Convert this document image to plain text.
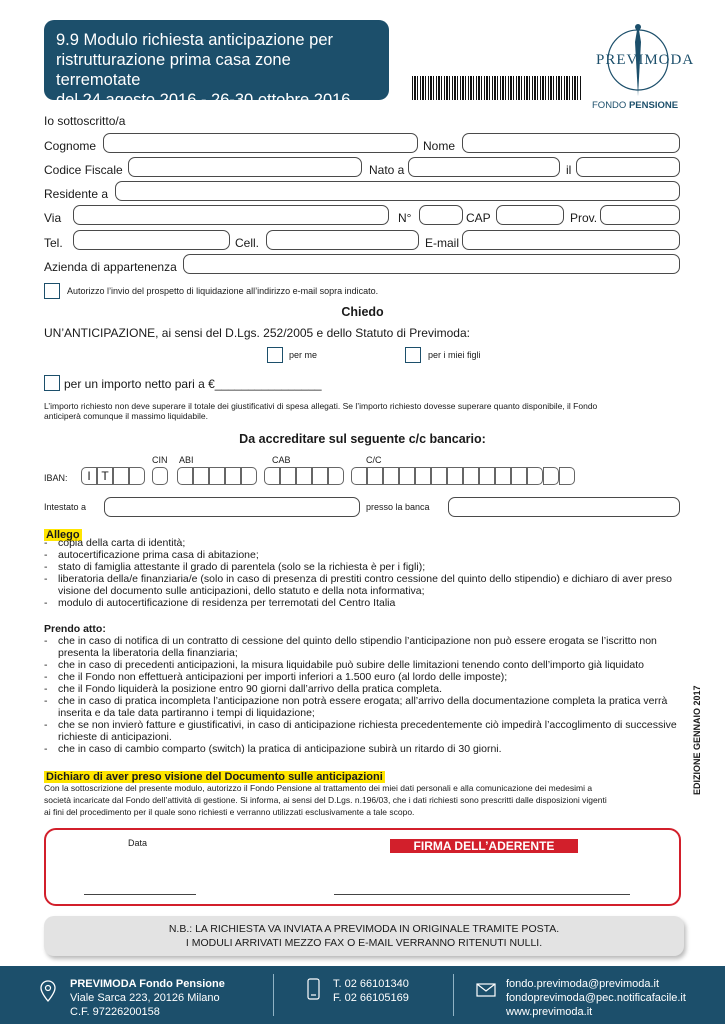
9.9 Modulo richiesta anticipazione per
ristrutturazione prima casa zone terremotate
del 24 agosto 2016 - 26-30 ottobre 2016
PREVIMODA
FONDO PENSIONE
Io sottoscritto/a
Cognome	Nome
Codice Fiscale	Nato a	il
Residente a
Via	N°	CAP	Prov.
Tel.	Cell.	E-mail
Azienda di appartenenza
Autorizzo l’invio del prospetto di liquidazione all’indirizzo e-mail sopra indicato.
Chiedo
UN’ANTICIPAZIONE, ai sensi del D.Lgs. 252/2005 e dello Statuto di Previmoda:
per me	per i miei figli
per un importo netto pari a €________________
L’importo richiesto non deve superare il totale dei giustificativi di spesa allegati. Se l’importo richiesto dovesse superare quanto disponibile, il Fondo
anticiperà comunque il massimo liquidabile.
Da accreditare sul seguente c/c bancario:
CIN ABI	CAB	C/C
IBAN:	I T
Intestato a	presso la banca
Allego
- copia della carta di identità;
- autocertificazione prima casa di abitazione;
- stato di famiglia attestante il grado di parentela (solo se la richiesta è per i figli);
- liberatoria della/e finanziaria/e (solo in caso di presenza di prestiti contro cessione del quinto dello stipendio) e dichiaro di aver preso visione del documento sulle anticipazioni, dello statuto e della nota informativa;
- modulo di autocertificazione di residenza per terremotati del Centro Italia
Prendo atto:
- che in caso di notifica di un contratto di cessione del quinto dello stipendio l’anticipazione non può essere erogata se l’iscritto non presenta la liberatoria della finanziaria;
- che in caso di precedenti anticipazioni, la misura liquidabile può subire delle limitazioni tenendo conto dell’importo già liquidato
- che il Fondo non effettuerà anticipazioni per importi inferiori a 1.500 euro (al lordo delle imposte);
- che il Fondo liquiderà la posizione entro 90 giorni dall’arrivo della pratica completa.
- che in caso di pratica incompleta l’anticipazione non potrà essere erogata; all’arrivo della documentazione completa la pratica verrà inserita e da tale data partiranno i tempi di liquidazione;
- che se non invierò fatture e giustificativi, in caso di anticipazione richiesta precedentemente ciò impedirà l’accoglimento di successive richieste di anticipazioni.
- che in caso di cambio comparto (switch) la pratica di anticipazione subirà un ritardo di 30 giorni.
Dichiaro di aver preso visione del Documento sulle anticipazioni
Con la sottoscrizione del presente modulo, autorizzo il Fondo Pensione al trattamento dei miei dati personali e alla comunicazione dei medesimi a
società incaricate dal Fondo dell’attività di gestione. Si informa, ai sensi del D.Lgs. n.196/03, che i dati richiesti sono prescritti dalle disposizioni vigenti
ai fini del procedimento per il quale sono richiesti e verranno utilizzati esclusivamente a tale scopo.
Data	FIRMA DELL’ADERENTE
N.B.: LA RICHIESTA VA INVIATA A PREVIMODA IN ORIGINALE TRAMITE POSTA.
I MODULI ARRIVATI MEZZO FAX O E-MAIL VERRANNO RITENUTI NULLI.
EDIZIONE GENNAIO 2017
PREVIMODA Fondo Pensione
Viale Sarca 223, 20126 Milano
C.F. 97226200158
T. 02 66101340
F. 02 66105169
fondo.previmoda@previmoda.it
fondoprevimoda@pec.notificafacile.it
www.previmoda.it
